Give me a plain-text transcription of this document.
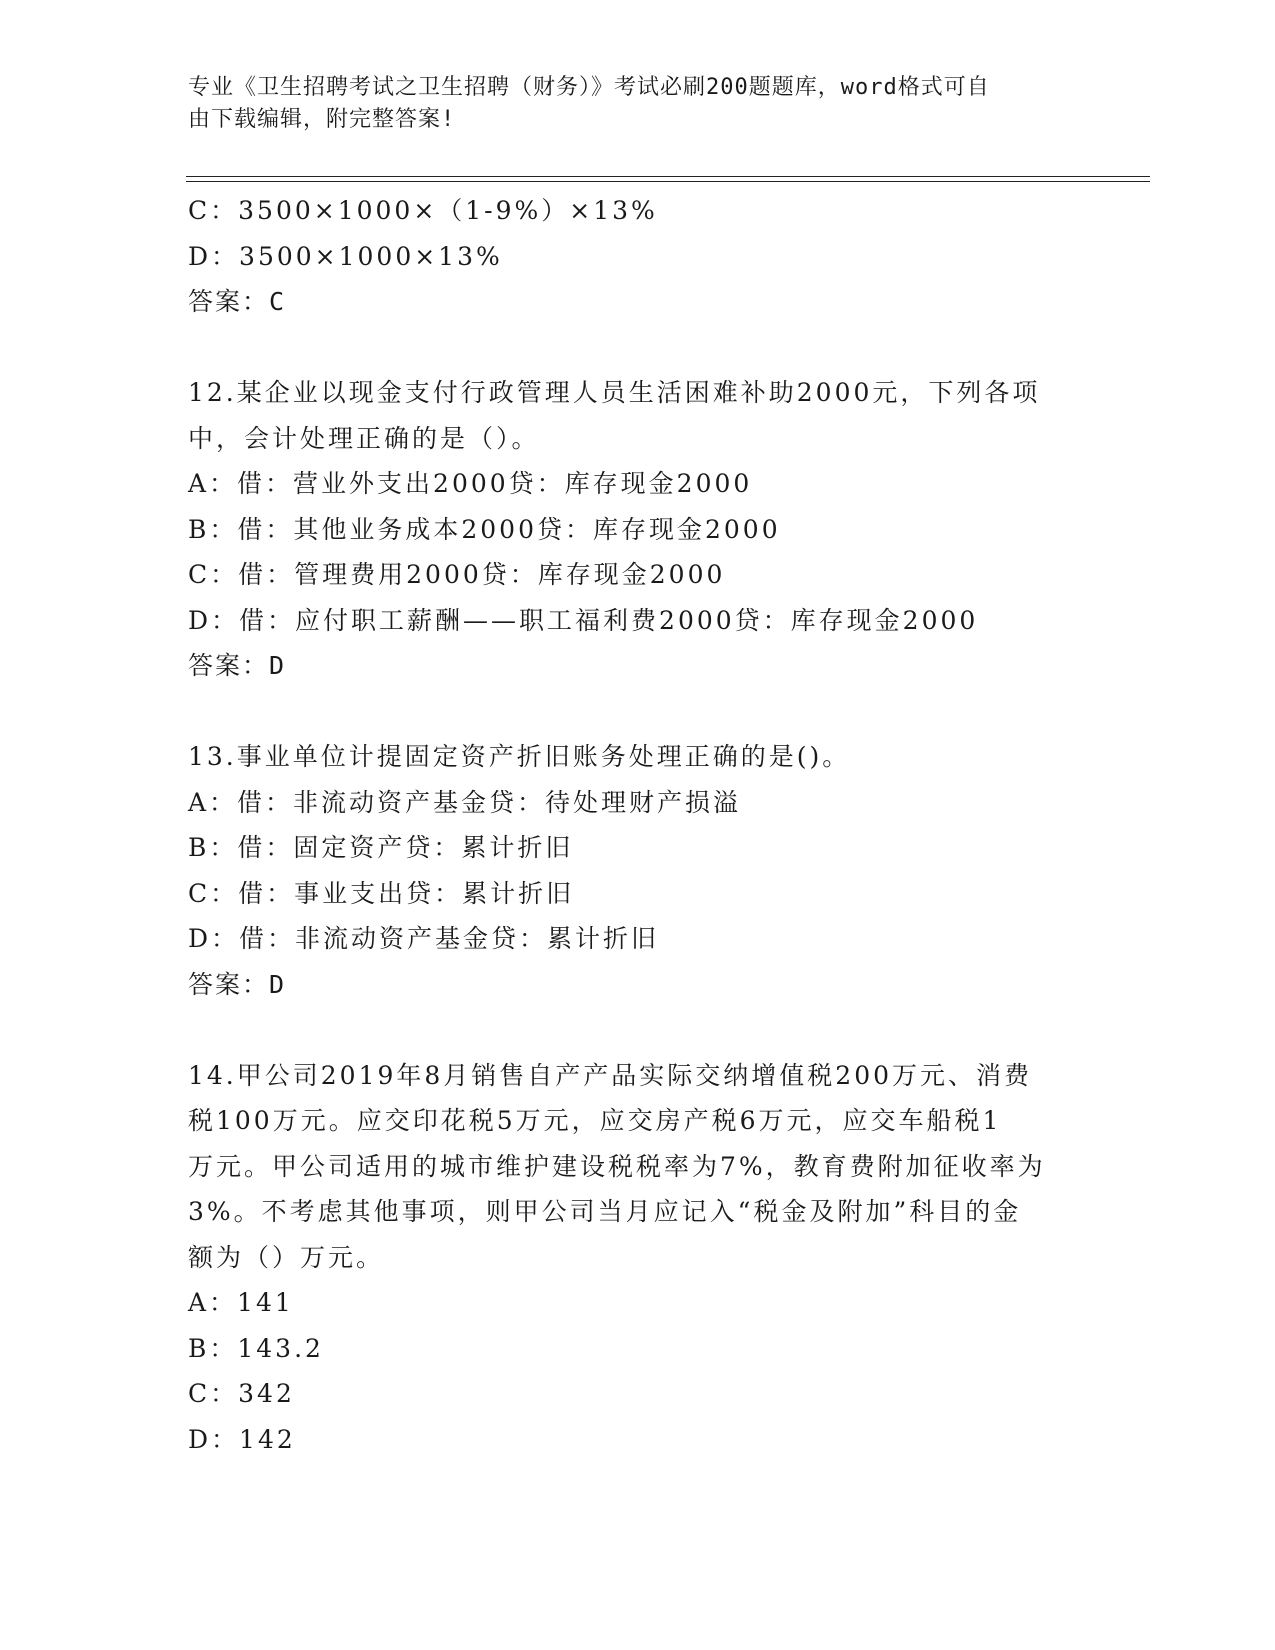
专业《卫生招聘考试之卫生招聘（财务）》考试必刷200题题库，word格式可自
由下载编辑，附完整答案!
C：3500×1000×（1-9%）×13%
D：3500×1000×13%
答案：C
12.某企业以现金支付行政管理人员生活困难补助2000元，下列各项
中，会计处理正确的是（）。
A：借：营业外支出2000贷：库存现金2000
B：借：其他业务成本2000贷：库存现金2000
C：借：管理费用2000贷：库存现金2000
D：借：应付职工薪酬——职工福利费2000贷：库存现金2000
答案：D
13.事业单位计提固定资产折旧账务处理正确的是()。
A：借：非流动资产基金贷：待处理财产损溢
B：借：固定资产贷：累计折旧
C：借：事业支出贷：累计折旧
D：借：非流动资产基金贷：累计折旧
答案：D
14.甲公司2019年8月销售自产产品实际交纳增值税200万元、消费
税100万元。应交印花税5万元，应交房产税6万元，应交车船税1
万元。甲公司适用的城市维护建设税税率为7%，教育费附加征收率为
3%。不考虑其他事项，则甲公司当月应记入“税金及附加”科目的金
额为（）万元。
A：141
B：143.2
C：342
D：142
